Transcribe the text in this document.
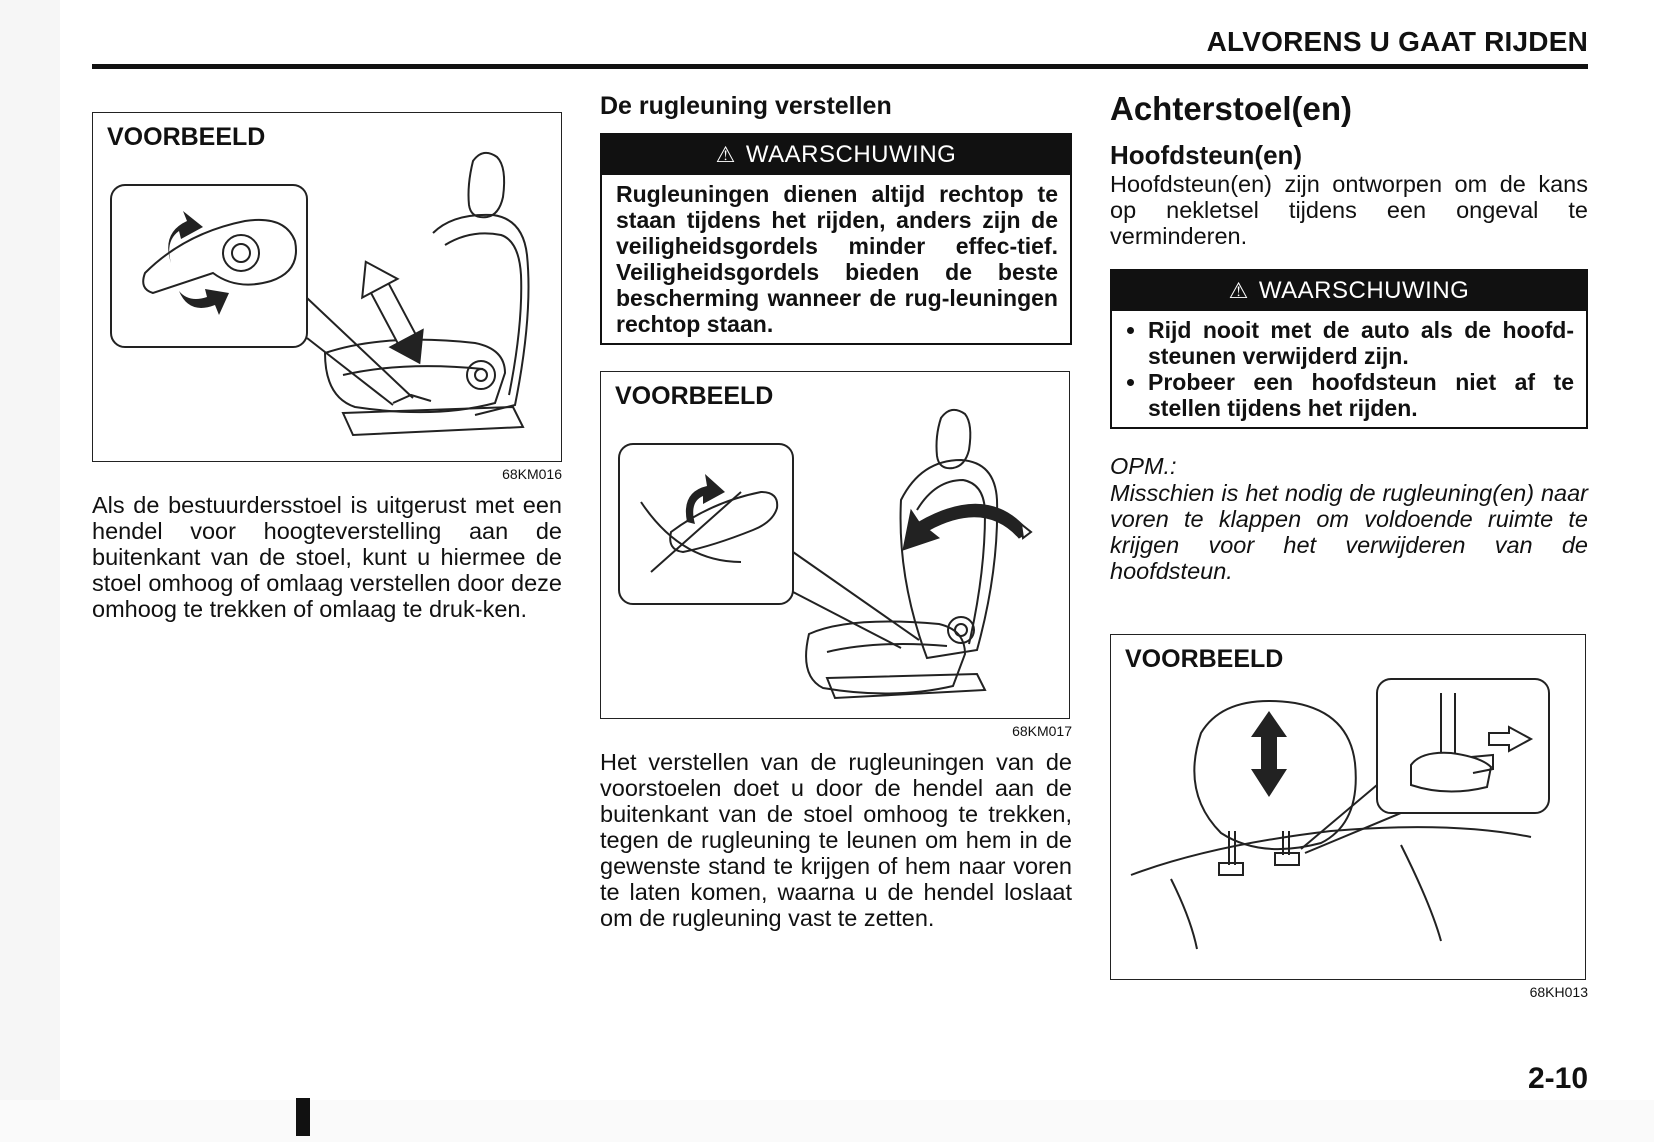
ALVORENS U GAAT RIJDEN
VOORBEELD
68KM016

Als de bestuurdersstoel is uitgerust met een hendel voor hoogteverstelling aan de buitenkant van de stoel, kunt u hiermee de stoel omhoog of omlaag verstellen door deze omhoog te trekken of omlaag te druk-ken.

De rugleuning verstellen
⚠ WAARSCHUWING
Rugleuningen dienen altijd rechtop te staan tijdens het rijden, anders zijn de veiligheidsgordels minder effec-tief. Veiligheidsgordels bieden de beste bescherming wanneer de rug-leuningen rechtop staan.
VOORBEELD
68KM017

Het verstellen van de rugleuningen van de voorstoelen doet u door de hendel aan de buitenkant van de stoel omhoog te trekken, tegen de rugleuning te leunen om hem in de gewenste stand te krijgen of hem naar voren te laten komen, waarna u de hendel loslaat om de rugleuning vast te zetten.

Achterstoel(en)
Hoofdsteun(en)

Hoofdsteun(en) zijn ontworpen om de kans op nekletsel tijdens een ongeval te verminderen.

⚠ WAARSCHUWING
• Rijd nooit met de auto als de hoofd-steunen verwijderd zijn.
• Probeer een hoofdsteun niet af te stellen tijdens het rijden.
OPM.:
Misschien is het nodig de rugleuning(en) naar voren te klappen om voldoende ruimte te krijgen voor het verwijderen van de hoofdsteun.
VOORBEELD
68KH013
2-10
